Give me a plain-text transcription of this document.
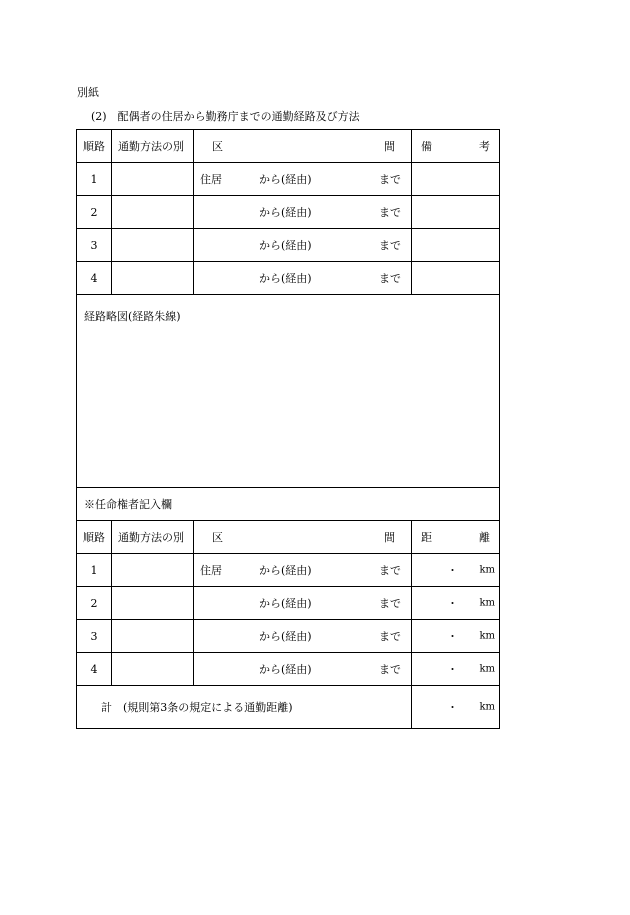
別紙
(2)　配偶者の住居から勤務庁までの通勤経路及び方法
順路	通勤方法の別	区 間	備 考

1		住居 から(経由) まで	

2		から(経由) まで	

3		から(経由) まで	

4		から(経由) まで	

経路略図(経路朱線)			

※任命権者記入欄			
順路	通勤方法の別	区 間	距 離

1		住居 から(経由) まで	・ km

2		から(経由) まで	・ km

3		から(経由) まで	・ km

4		から(経由) まで	・ km

計　(規則第3条の規定による通勤距離)			・ km
